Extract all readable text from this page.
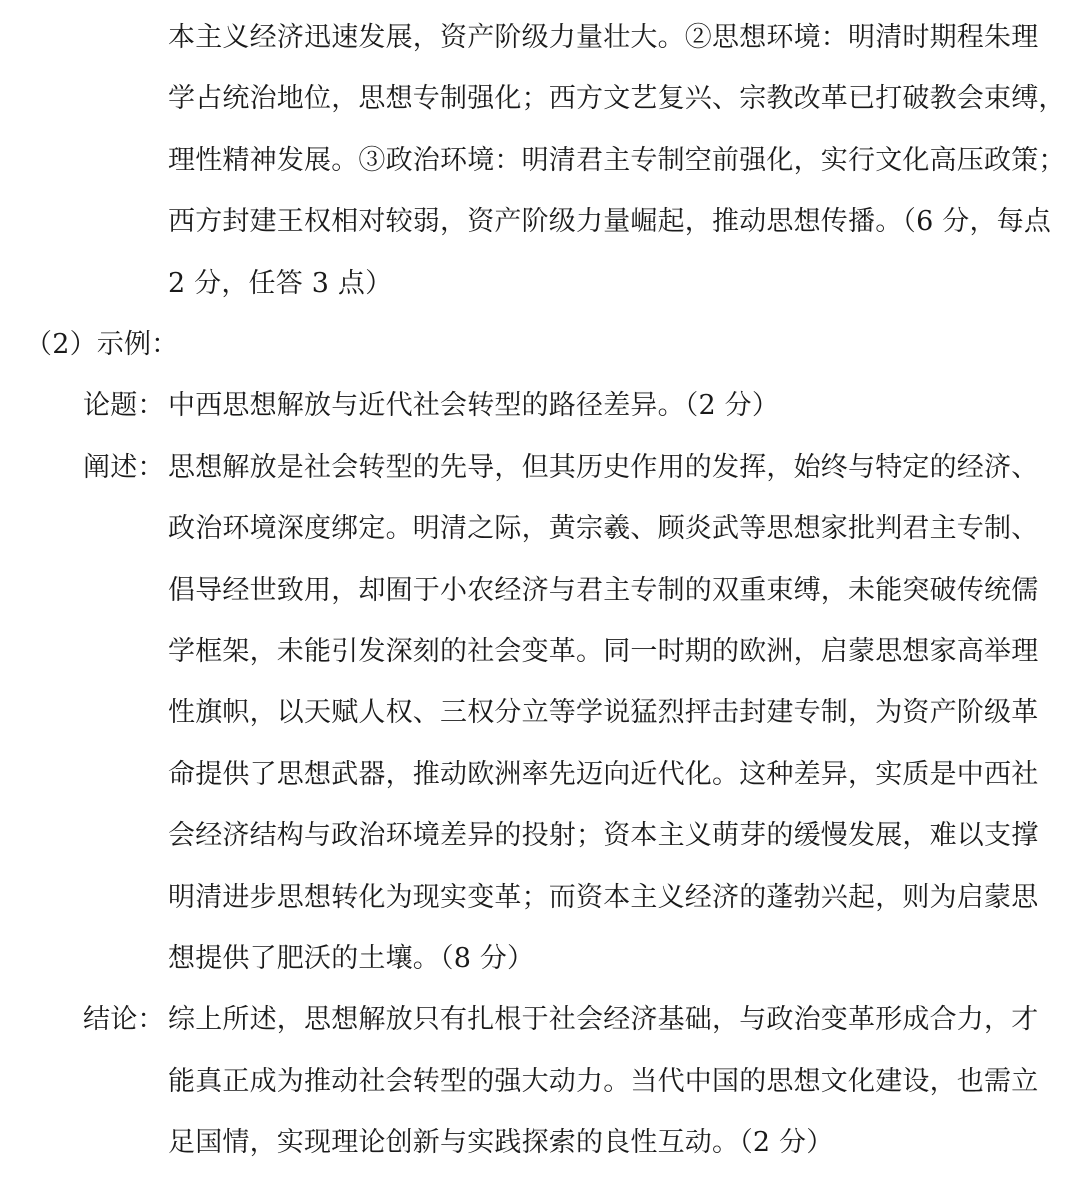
本主义经济迅速发展，资产阶级力量壮大。②思想环境：明清时期程朱理
学占统治地位，思想专制强化；西方文艺复兴、宗教改革已打破教会束缚，
理性精神发展。③政治环境：明清君主专制空前强化，实行文化高压政策；
西方封建王权相对较弱，资产阶级力量崛起，推动思想传播。（6 分，每点
2 分，任答 3 点）
（2）示例：
论题： 中西思想解放与近代社会转型的路径差异。（2 分）
阐述： 思想解放是社会转型的先导，但其历史作用的发挥，始终与特定的经济、
政治环境深度绑定。明清之际，黄宗羲、顾炎武等思想家批判君主专制、
倡导经世致用，却囿于小农经济与君主专制的双重束缚，未能突破传统儒
学框架，未能引发深刻的社会变革。同一时期的欧洲，启蒙思想家高举理
性旗帜，以天赋人权、三权分立等学说猛烈抨击封建专制，为资产阶级革
命提供了思想武器，推动欧洲率先迈向近代化。这种差异，实质是中西社
会经济结构与政治环境差异的投射；资本主义萌芽的缓慢发展，难以支撑
明清进步思想转化为现实变革；而资本主义经济的蓬勃兴起，则为启蒙思
想提供了肥沃的土壤。（8 分）
结论： 综上所述，思想解放只有扎根于社会经济基础，与政治变革形成合力，才
能真正成为推动社会转型的强大动力。当代中国的思想文化建设，也需立
足国情，实现理论创新与实践探索的良性互动。（2 分）
